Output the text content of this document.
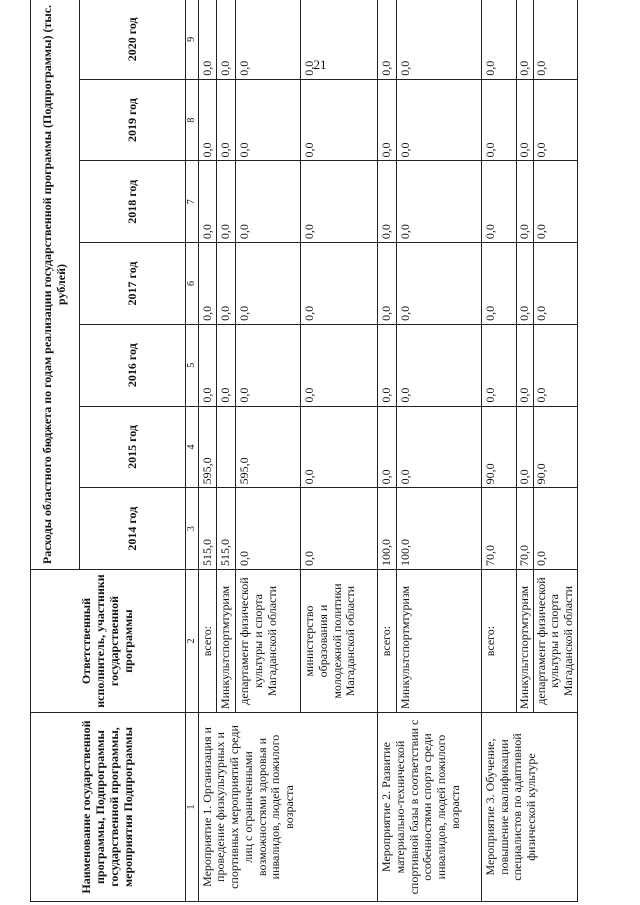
21
Наименование государственной программы, Подпрограммы государственной программы, мероприятия Подпрограммы	Ответственный исполнитель, участники государственной программы	Расходы областного бюджета по годам реализации государственной программы (Подпрограммы) (тыс. рублей)						
		2014 год	2015 год	2016 год	2017 год	2018 год	2019 год	2020 год
1	2	3	4	5	6	7	8	9
Мероприятие 1. Организация и проведение физкультурных и спортивных мероприятий среди лиц с ограниченными возможностями здоровья и инвалидов, людей пожилого возраста	всего:	515,0	595,0	0,0	0,0	0,0	0,0	0,0
	Минкультспортмтуризм	515,0		0,0	0,0	0,0	0,0	0,0
	департамент физической культуры и спорта Магаданской области	0,0	595,0	0,0	0,0	0,0	0,0	0,0
	министерство образования и молодежной политики Магаданской области	0,0	0,0	0,0	0,0	0,0	0,0	0,0
Мероприятие 2. Развитие материально-технической спортивной базы в соответствии с особенностями спорта среди инвалидов, людей пожилого возраста	всего:	100,0	0,0	0,0	0,0	0,0	0,0	0,0
	Минкультспортмтуризм	100,0	0,0	0,0	0,0	0,0	0,0	0,0
Мероприятие 3. Обучение, повышение квалификации специалистов по адаптивной физической культуре	всего:	70,0	90,0	0,0	0,0	0,0	0,0	0,0
	Минкультспортмтуризм	70,0	0,0	0,0	0,0	0,0	0,0	0,0
	департамент физической культуры и спорта Магаданской области	0,0	90,0	0,0	0,0	0,0	0,0	0,0
